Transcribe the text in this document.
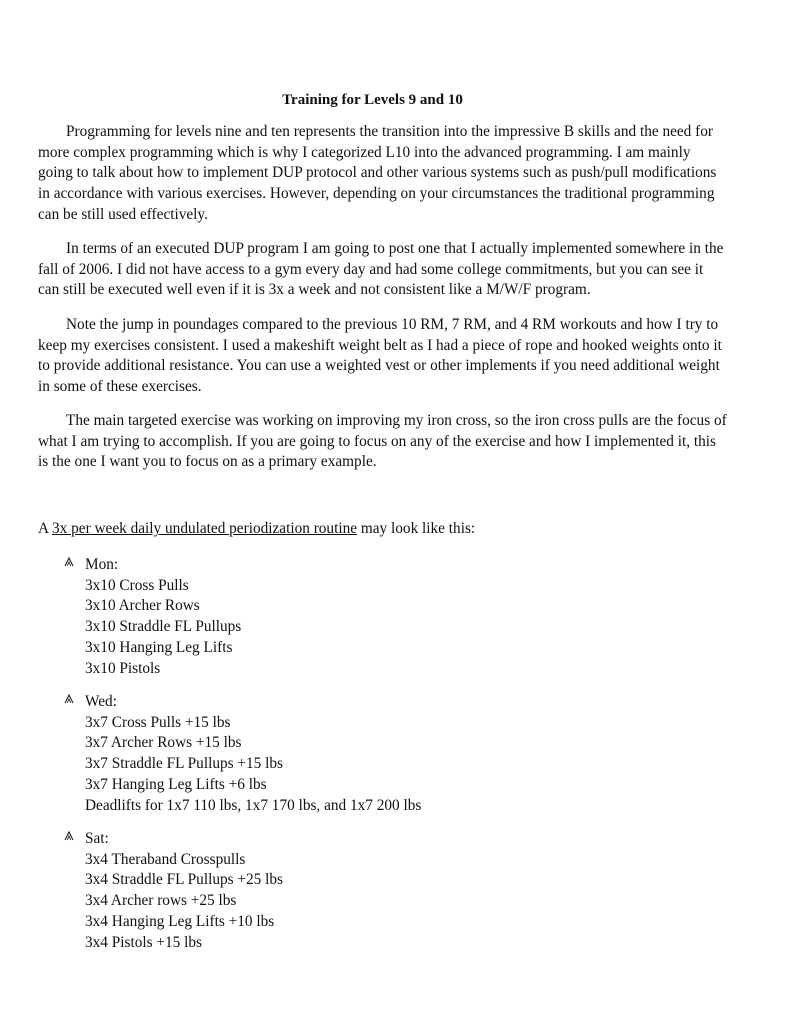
Training for Levels 9 and 10

Programming for levels nine and ten represents the transition into the impressive B skills and the need for more complex programming which is why I categorized L10 into the advanced programming. I am mainly going to talk about how to implement DUP protocol and other various systems such as push/pull modifications in accordance with various exercises. However, depending on your circumstances the traditional programming can be still used effectively.

In terms of an executed DUP program I am going to post one that I actually implemented somewhere in the fall of 2006. I did not have access to a gym every day and had some college commitments, but you can see it can still be executed well even if it is 3x a week and not consistent like a M/W/F program.

Note the jump in poundages compared to the previous 10 RM, 7 RM, and 4 RM workouts and how I try to keep my exercises consistent. I used a makeshift weight belt as I had a piece of rope and hooked weights onto it to provide additional resistance. You can use a weighted vest or other implements if you need additional weight in some of these exercises.

The main targeted exercise was working on improving my iron cross, so the iron cross pulls are the focus of what I am trying to accomplish. If you are going to focus on any of the exercise and how I implemented it, this is the one I want you to focus on as a primary example.

A 3x per week daily undulated periodization routine may look like this:
Mon:
3x10 Cross Pulls
3x10 Archer Rows
3x10 Straddle FL Pullups
3x10 Hanging Leg Lifts
3x10 Pistols
Wed:
3x7 Cross Pulls +15 lbs
3x7 Archer Rows +15 lbs
3x7 Straddle FL Pullups +15 lbs
3x7 Hanging Leg Lifts +6 lbs
Deadlifts for 1x7 110 lbs, 1x7 170 lbs, and 1x7 200 lbs
Sat:
3x4 Theraband Crosspulls
3x4 Straddle FL Pullups +25 lbs
3x4 Archer rows +25 lbs
3x4 Hanging Leg Lifts +10 lbs
3x4 Pistols +15 lbs
